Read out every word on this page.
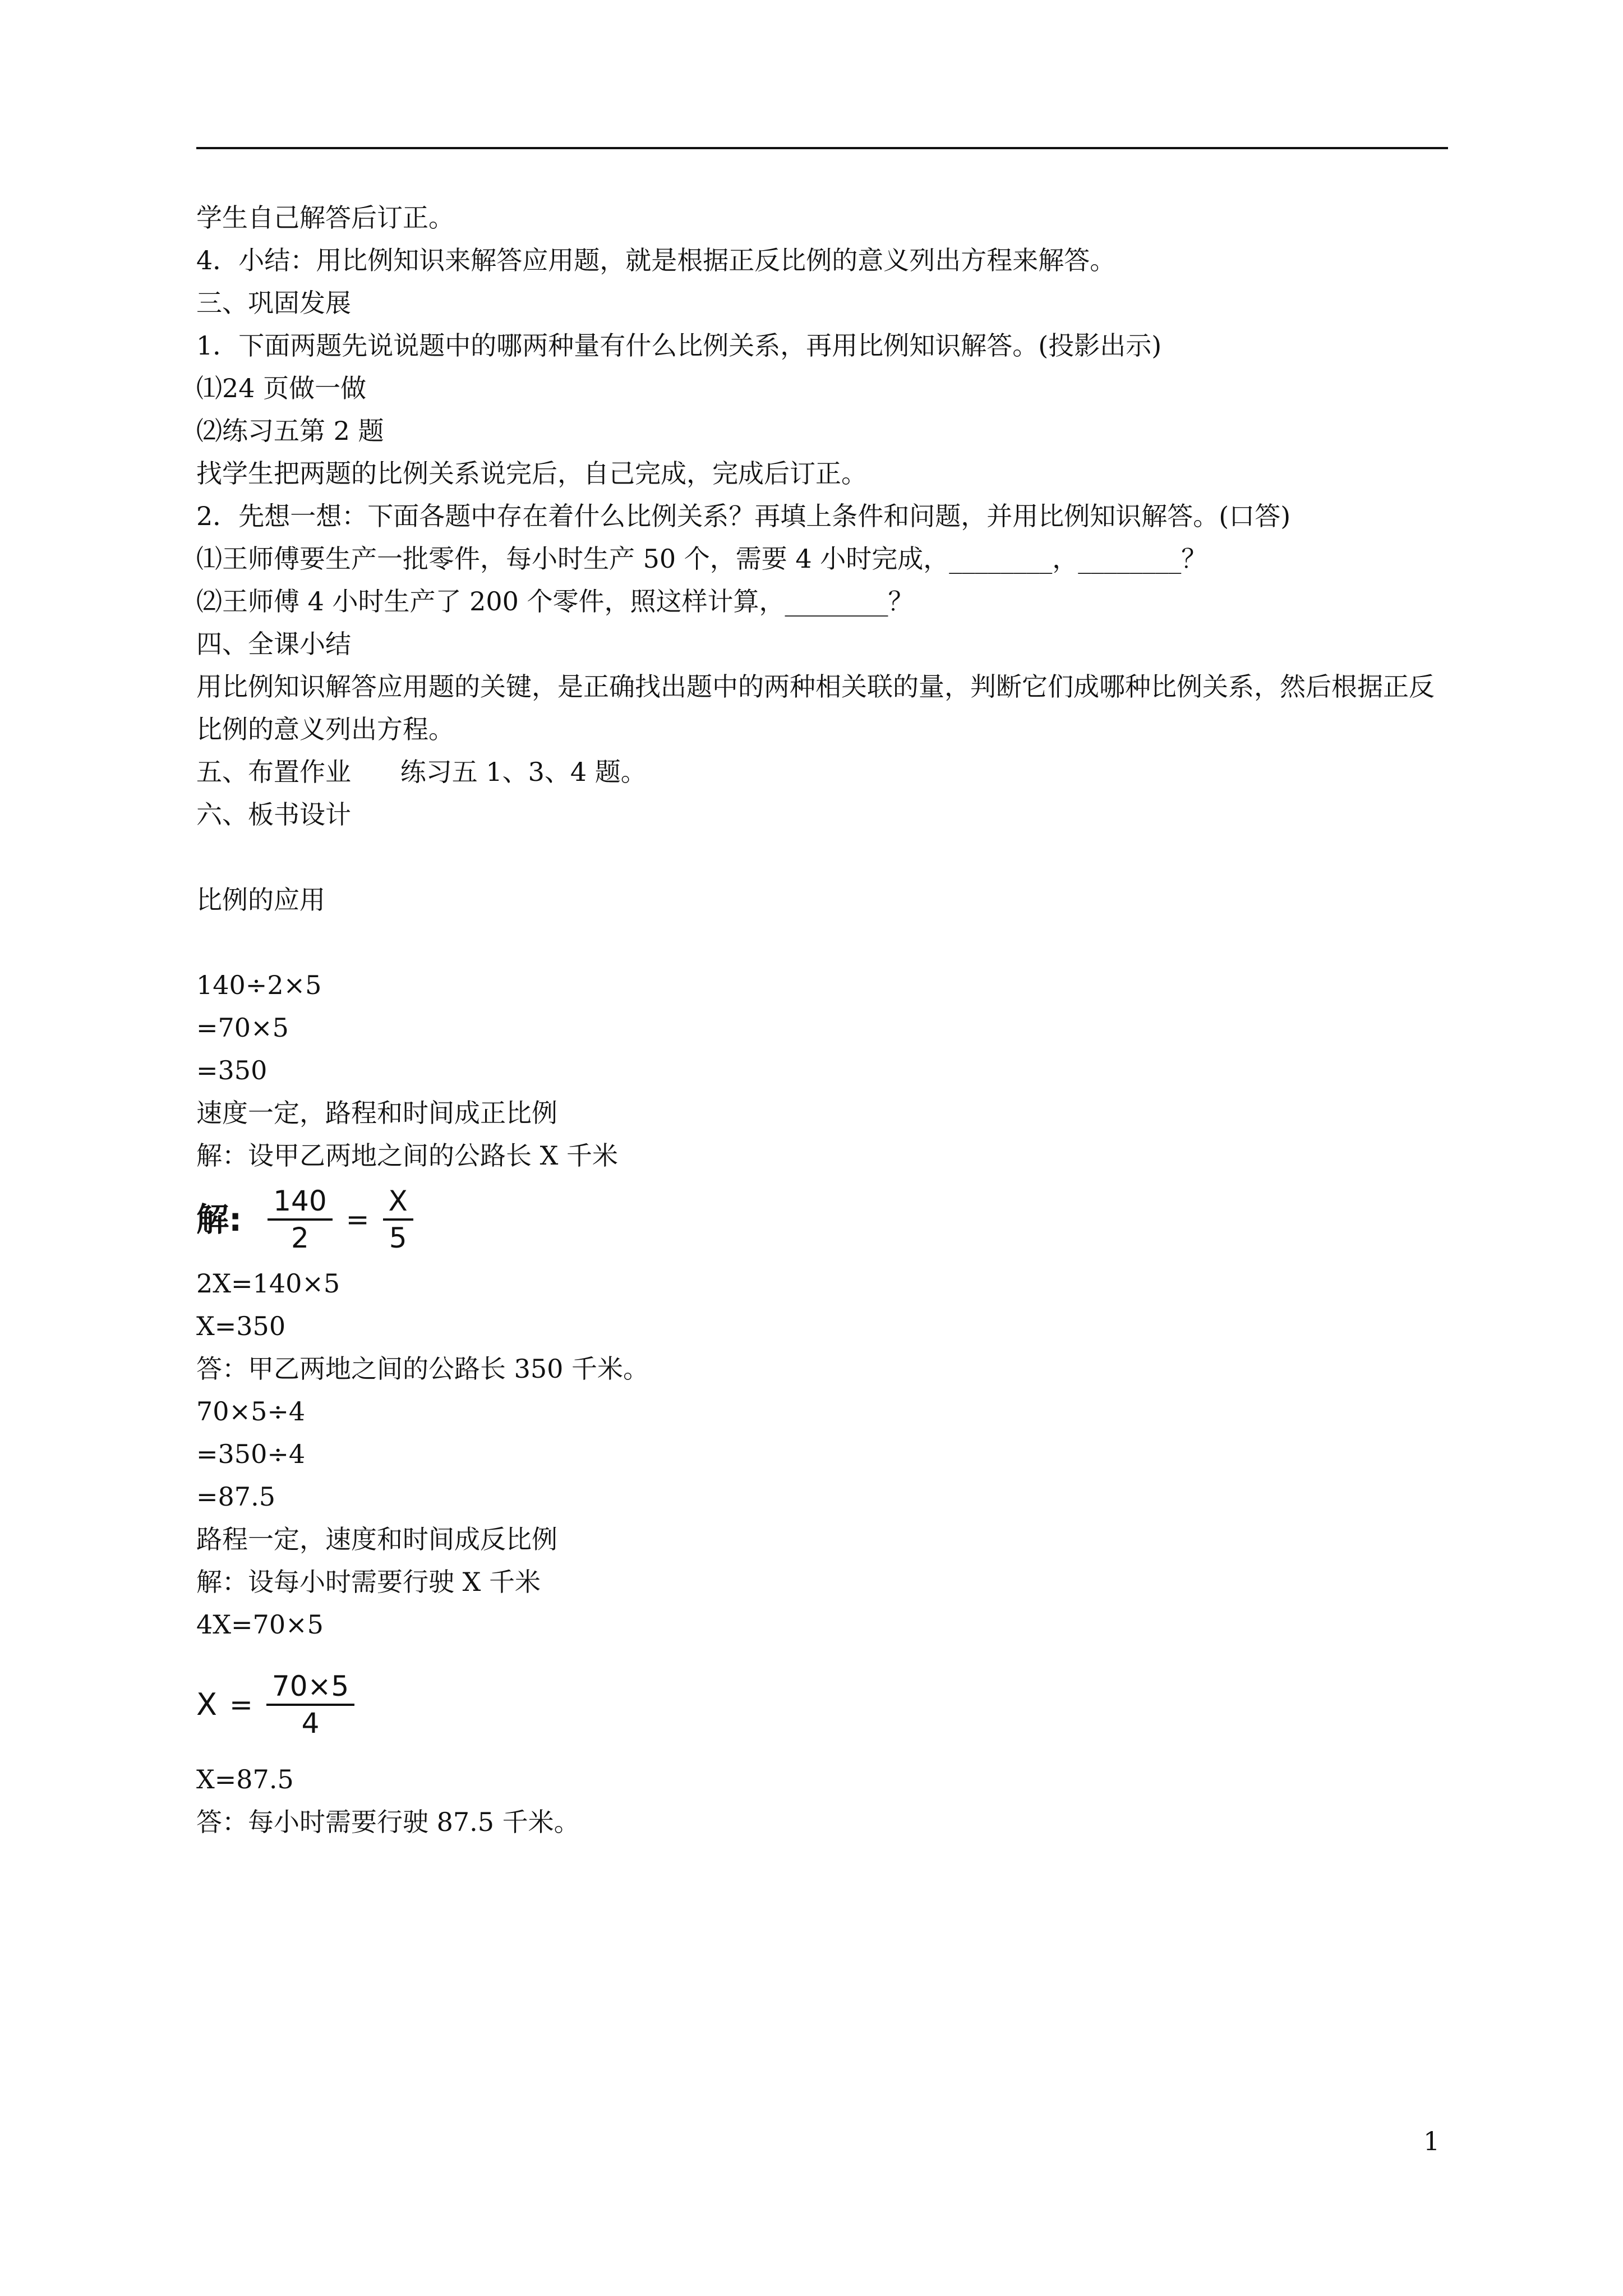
学生自己解答后订正。
4．小结：用比例知识来解答应用题，就是根据正反比例的意义列出方程来解答。
三、巩固发展
1．下面两题先说说题中的哪两种量有什么比例关系，再用比例知识解答。(投影出示)
⑴24 页做一做
⑵练习五第 2 题
找学生把两题的比例关系说完后，自己完成，完成后订正。
2．先想一想：下面各题中存在着什么比例关系？再填上条件和问题，并用比例知识解答。(口答)
⑴王师傅要生产一批零件，每小时生产 50 个，需要 4 小时完成，________，________？
⑵王师傅 4 小时生产了 200 个零件，照这样计算，________？
四、全课小结
用比例知识解答应用题的关键，是正确找出题中的两种相关联的量，判断它们成哪种比例关系，然后根据正反比例的意义列出方程。
五、布置作业      练习五 1、3、4 题。
六、板书设计
比例的应用
140÷2×5
=70×5
=350
速度一定，路程和时间成正比例
解：设甲乙两地之间的公路长 X 千米
解: $\frac{140}{2} = \frac{X}{5}$
2X=140×5
X=350
答：甲乙两地之间的公路长 350 千米。
70×5÷4
=350÷4
=87.5
路程一定，速度和时间成反比例
解：设每小时需要行驶 X 千米
4X=70×5
$X = \frac{70\times 5}{4}$
X=87.5
答：每小时需要行驶 87.5 千米。
1
